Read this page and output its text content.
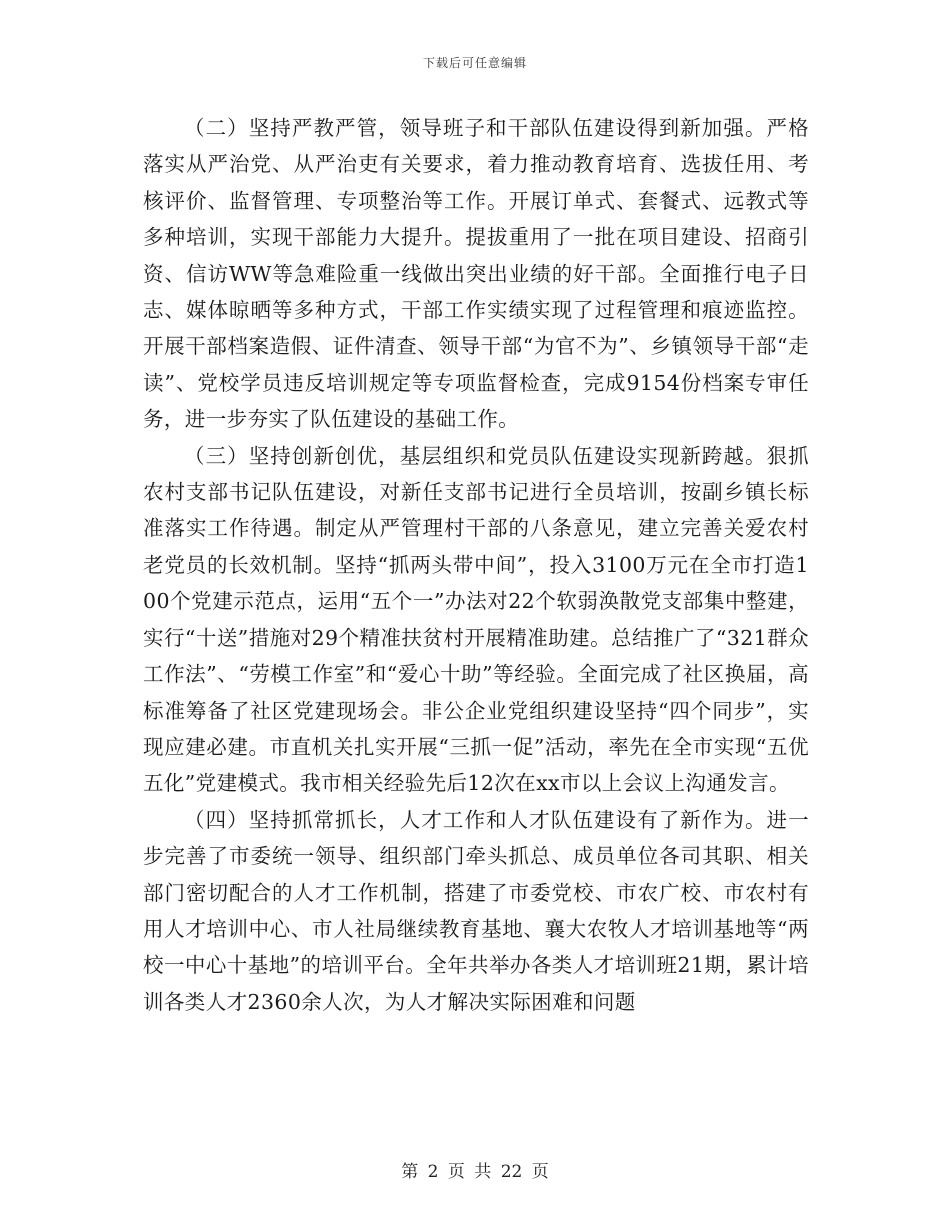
下载后可任意编辑

（二）坚持严教严管，领导班子和干部队伍建设得到新加强。严格落实从严治党、从严治吏有关要求，着力推动教育培育、选拔任用、考核评价、监督管理、专项整治等工作。开展订单式、套餐式、远教式等多种培训，实现干部能力大提升。提拔重用了一批在项目建设、招商引资、信访WW等急难险重一线做出突出业绩的好干部。全面推行电子日志、媒体晾晒等多种方式，干部工作实绩实现了过程管理和痕迹监控。开展干部档案造假、证件清查、领导干部“为官不为”、乡镇领导干部“走读”、党校学员违反培训规定等专项监督检查，完成9154份档案专审任务，进一步夯实了队伍建设的基础工作。

（三）坚持创新创优，基层组织和党员队伍建设实现新跨越。狠抓农村支部书记队伍建设，对新任支部书记进行全员培训，按副乡镇长标准落实工作待遇。制定从严管理村干部的八条意见，建立完善关爱农村老党员的长效机制。坚持“抓两头带中间”，投入3100万元在全市打造100个党建示范点，运用“五个一”办法对22个软弱涣散党支部集中整建，实行“十送”措施对29个精准扶贫村开展精准助建。总结推广了“321群众工作法”、“劳模工作室”和“爱心十助”等经验。全面完成了社区换届，高标准筹备了社区党建现场会。非公企业党组织建设坚持“四个同步”，实现应建必建。市直机关扎实开展“三抓一促”活动，率先在全市实现“五优五化”党建模式。我市相关经验先后12次在xx市以上会议上沟通发言。

（四）坚持抓常抓长，人才工作和人才队伍建设有了新作为。进一步完善了市委统一领导、组织部门牵头抓总、成员单位各司其职、相关部门密切配合的人才工作机制，搭建了市委党校、市农广校、市农村有用人才培训中心、市人社局继续教育基地、襄大农牧人才培训基地等“两校一中心十基地”的培训平台。全年共举办各类人才培训班21期，累计培训各类人才2360余人次，为人才解决实际困难和问题

第 2 页 共 22 页
